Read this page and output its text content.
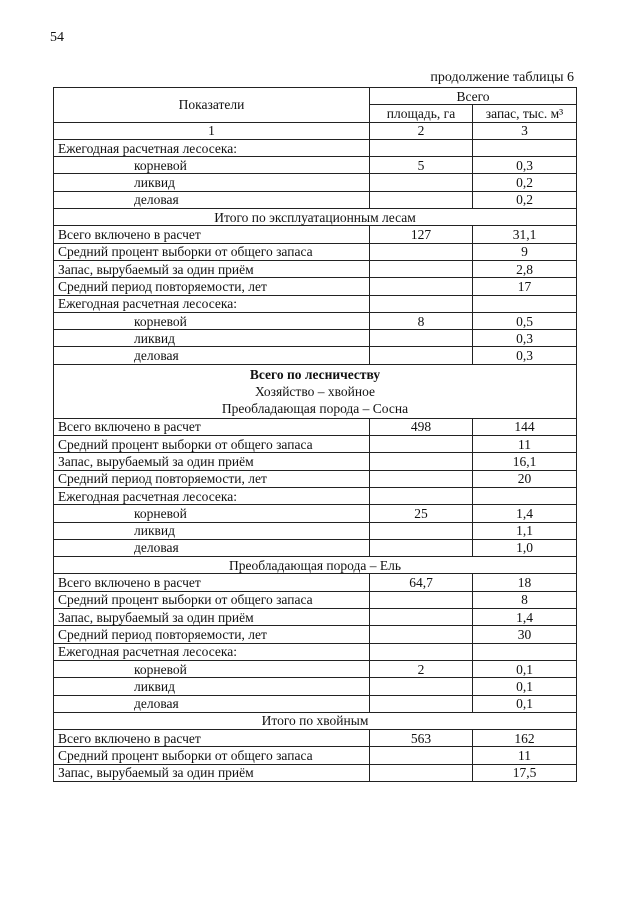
54
продолжение таблицы 6
Показатели	Всего	
	площадь, га	запас, тыс. м³
1	2	3
Ежегодная расчетная лесосека:		
корневой	5	0,3
ликвид		0,2
деловая		0,2
Итого по эксплуатационным лесам		
Всего включено в расчет	127	31,1
Средний процент выборки от общего запаса		9
Запас, вырубаемый за один приём		2,8
Средний период повторяемости, лет		17
Ежегодная расчетная лесосека:		
корневой	8	0,5
ликвид		0,3
деловая		0,3

Всего по лесничеству
Хозяйство – хвойное
Преобладающая порода – Сосна		

Всего включено в расчет	498	144
Средний процент выборки от общего запаса		11
Запас, вырубаемый за один приём		16,1
Средний период повторяемости, лет		20
Ежегодная расчетная лесосека:		
корневой	25	1,4
ликвид		1,1
деловая		1,0
Преобладающая порода – Ель		
Всего включено в расчет	64,7	18
Средний процент выборки от общего запаса		8
Запас, вырубаемый за один приём		1,4
Средний период повторяемости, лет		30
Ежегодная расчетная лесосека:		
корневой	2	0,1
ликвид		0,1
деловая		0,1
Итого по хвойным		
Всего включено в расчет	563	162
Средний процент выборки от общего запаса		11
Запас, вырубаемый за один приём		17,5
